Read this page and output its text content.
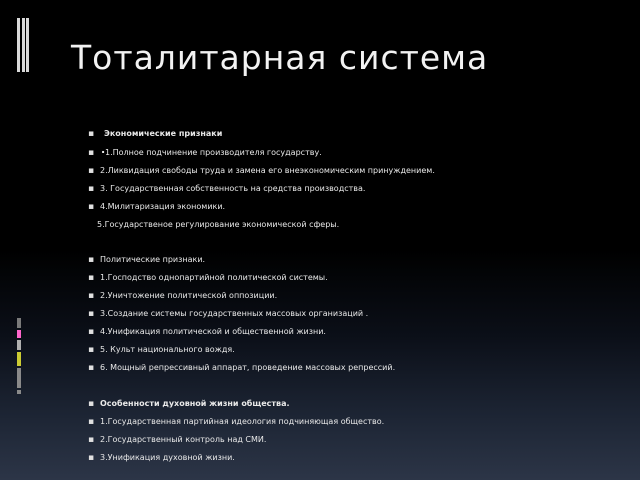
Тоталитарная система
▪ Экономические признаки
▪ . 1.Полное подчинение производителя государству.
▪ 2.Ликвидация свободы труда и замена его внеэкономическим принуждением.
▪ 3. Государственная собственность на средства производства.
▪ 4.Милитаризация экономики.
5.Государственое регулирование экономической сферы.
▪ Политические признаки.
▪ 1.Господство однопартийной политической системы.
▪ 2.Уничтожение политической оппозиции.
▪ 3.Создание системы государственных массовых организаций .
▪ 4.Унификация политической и общественной жизни.
▪ 5. Культ национального вождя.
▪ 6. Мощный репрессивный аппарат, проведение массовых репрессий.
▪ Особенности духовной жизни общества.
▪ 1.Государственная партийная идеология подчиняющая общество.
▪ 2.Государственный контроль над СМИ.
▪ 3.Унификация духовной жизни.
